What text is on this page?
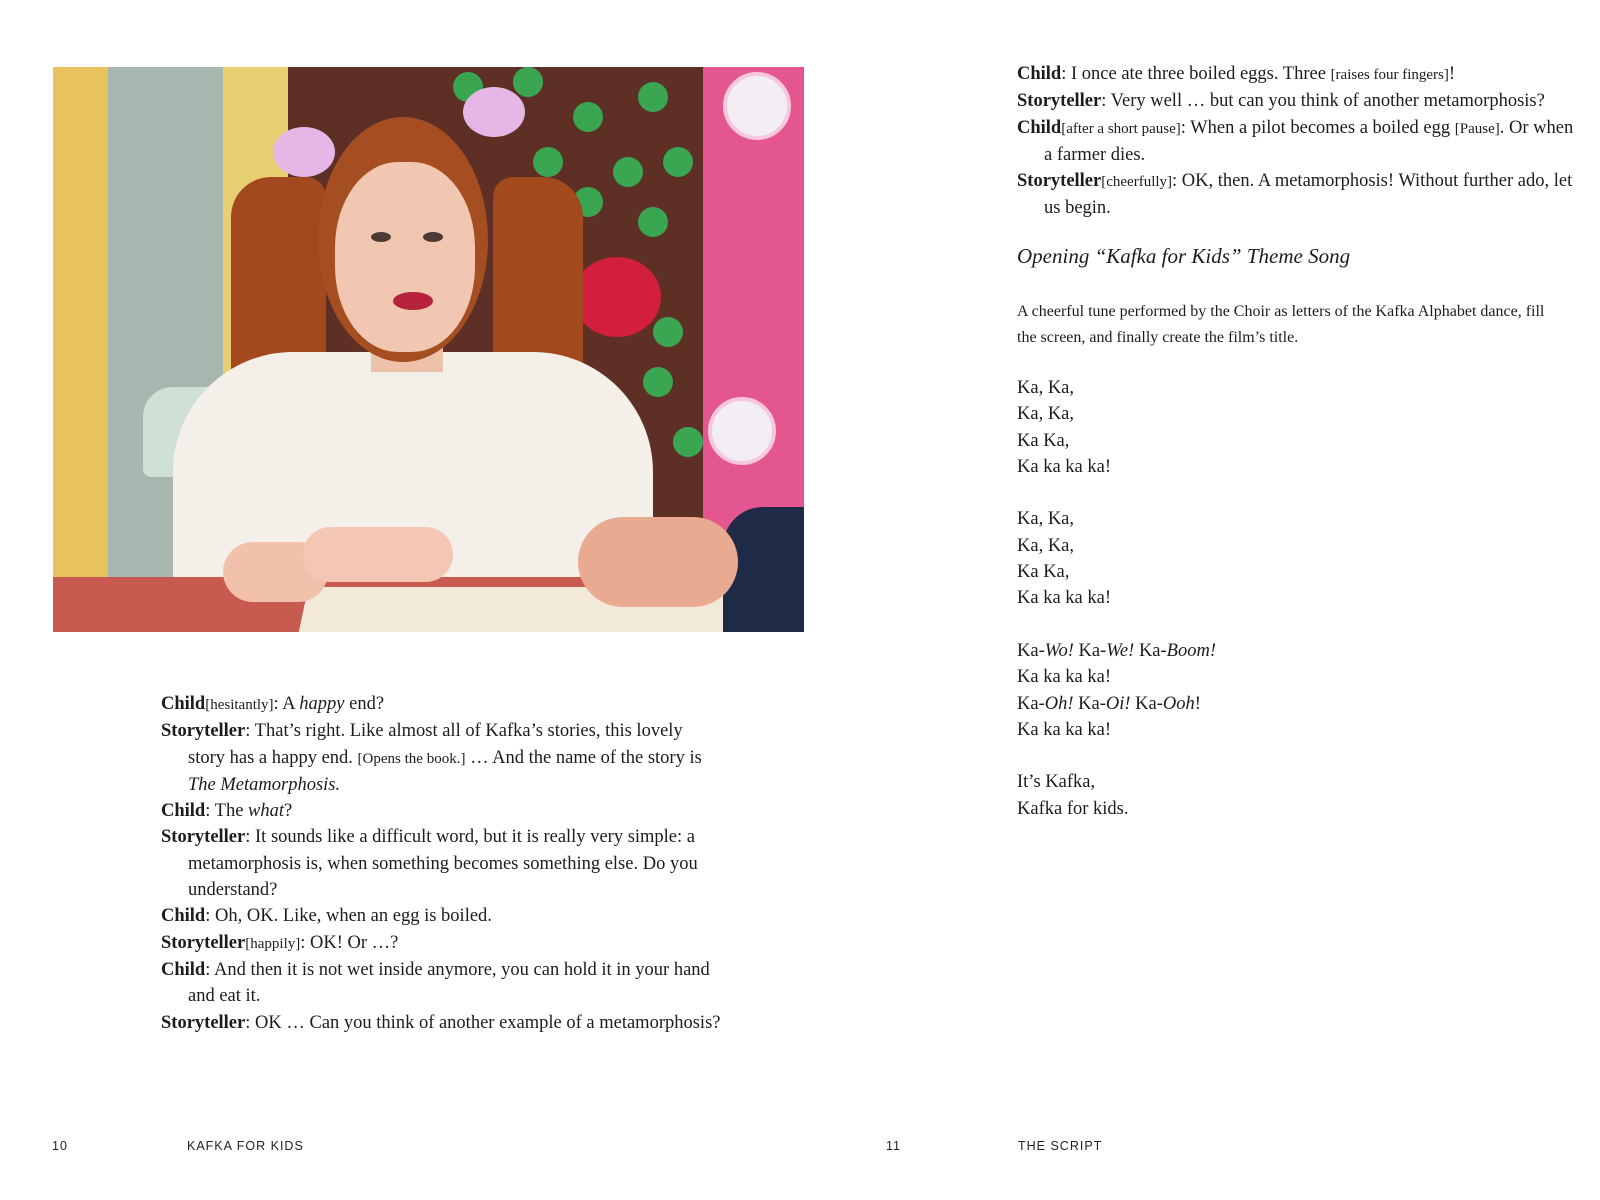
Child[hesitantly]: A happy end?

Storyteller: That’s right. Like almost all of Kafka’s stories, this lovely story has a happy end. [Opens the book.] … And the name of the story is The Metamorphosis.

Child: The what?

Storyteller: It sounds like a difficult word, but it is really very simple: a metamorphosis is, when something becomes something else. Do you understand?

Child: Oh, OK. Like, when an egg is boiled.

Storyteller[happily]: OK! Or …?

Child: And then it is not wet inside anymore, you can hold it in your hand and eat it.

Storyteller: OK … Can you think of another example of a metamorphosis?

10	KAFKA FOR KIDS

Child: I once ate three boiled eggs. Three [raises four fingers]!

Storyteller: Very well … but can you think of another metamorphosis?

Child[after a short pause]: When a pilot becomes a boiled egg [Pause]. Or when a farmer dies.

Storyteller[cheerfully]: OK, then. A metamorphosis! Without further ado, let us begin.

Opening “Kafka for Kids” Theme Song
A cheerful tune performed by the Choir as letters of the Kafka Alphabet dance, fill the screen, and finally create the film’s title.
Ka, Ka,
Ka, Ka,
Ka Ka,
Ka ka ka ka!
Ka, Ka,
Ka, Ka,
Ka Ka,
Ka ka ka ka!
Ka-Wo! Ka-We! Ka-Boom!
Ka ka ka ka!
Ka-Oh! Ka-Oi! Ka-Ooh!
Ka ka ka ka!
It’s Kafka,
Kafka for kids.
11	THE SCRIPT
